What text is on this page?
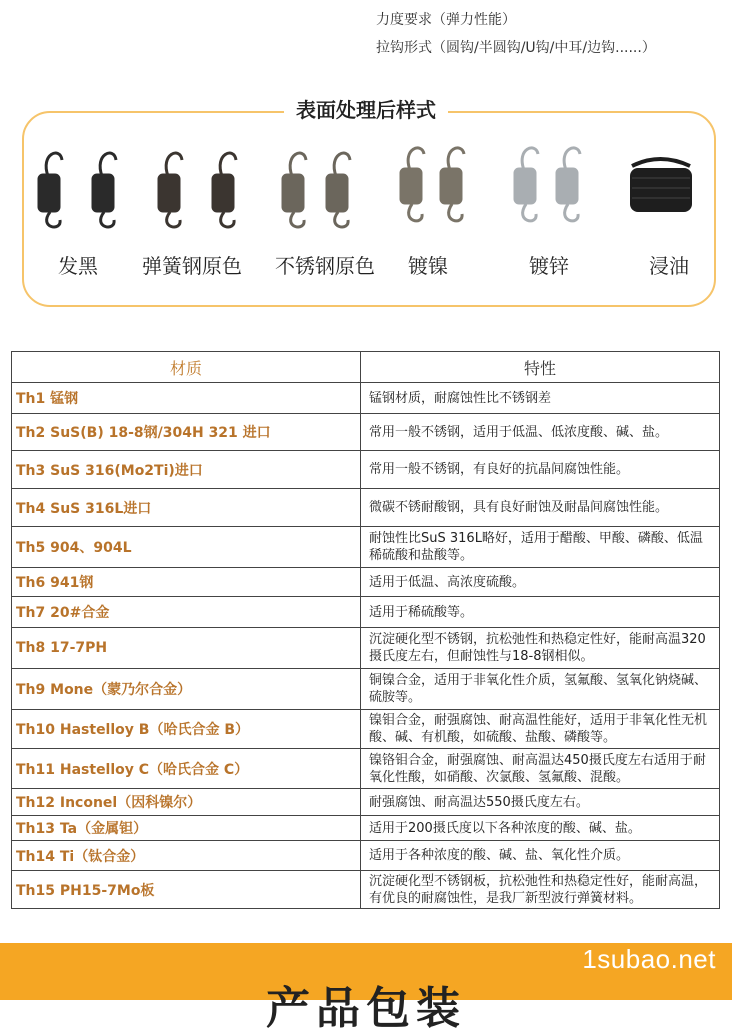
力度要求（弹力性能）
拉钩形式（圆钩/半圆钩/U钩/中耳/边钩......）
表面处理后样式
发黑 弹簧钢原色 不锈钢原色 镀镍	镀锌	浸油
材质	特性
Th1 锰钢	锰钢材质，耐腐蚀性比不锈钢差
Th2 SuS(B) 18-8钢/304H 321 进口	常用一般不锈钢，适用于低温、低浓度酸、碱、盐。
Th3 SuS 316(Mo2Ti)进口	常用一般不锈钢，有良好的抗晶间腐蚀性能。
Th4 SuS 316L进口	微碳不锈耐酸钢，具有良好耐蚀及耐晶间腐蚀性能。
Th5 904、904L	耐蚀性比SuS 316L略好，适用于醋酸、甲酸、磷酸、低温稀硫酸和盐酸等。
Th6 941钢	适用于低温、高浓度硫酸。
Th7 20#合金	适用于稀硫酸等。
Th8 17-7PH	沉淀硬化型不锈钢，抗松弛性和热稳定性好，能耐高温320摄氏度左右，但耐蚀性与18-8钢相似。
Th9 Mone（蒙乃尔合金）	铜镍合金，适用于非氧化性介质，氢氟酸、氢氧化钠烧碱、硫胺等。
Th10 Hastelloy B（哈氏合金 B）	镍钼合金，耐强腐蚀、耐高温性能好，适用于非氧化性无机酸、碱、有机酸，如硫酸、盐酸、磷酸等。
Th11 Hastelloy C（哈氏合金 C）	镍铬钼合金，耐强腐蚀、耐高温达450摄氏度左右适用于耐氧化性酸，如硝酸、次氯酸、氢氟酸、混酸。
Th12 Inconel（因科镍尔）	耐强腐蚀、耐高温达550摄氏度左右。
Th13 Ta（金属钽）	适用于200摄氏度以下各种浓度的酸、碱、盐。
Th14 Ti（钛合金）	适用于各种浓度的酸、碱、盐、氧化性介质。
Th15 PH15-7Mo板	沉淀硬化型不锈钢板，抗松弛性和热稳定性好，能耐高温，有优良的耐腐蚀性，是我厂新型波行弹簧材料。
1subao.net
产品包装
